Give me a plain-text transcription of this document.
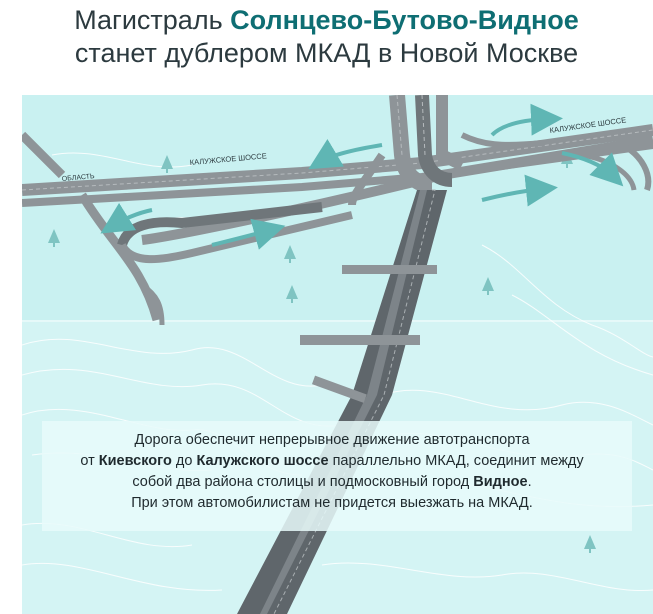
Магистраль Солнцево-Бутово-Видное
станет дублером МКАД в Новой Москве
ОБЛАСТЬ
КАЛУЖСКОЕ ШОССЕ
КАЛУЖСКОЕ ШОССЕ
Дорога обеспечит непрерывное движение автотранспорта
от Киевского до Калужского шоссе параллельно МКАД, соединит между
собой два района столицы и подмосковный город Видное.
При этом автомобилистам не придется выезжать на МКАД.
